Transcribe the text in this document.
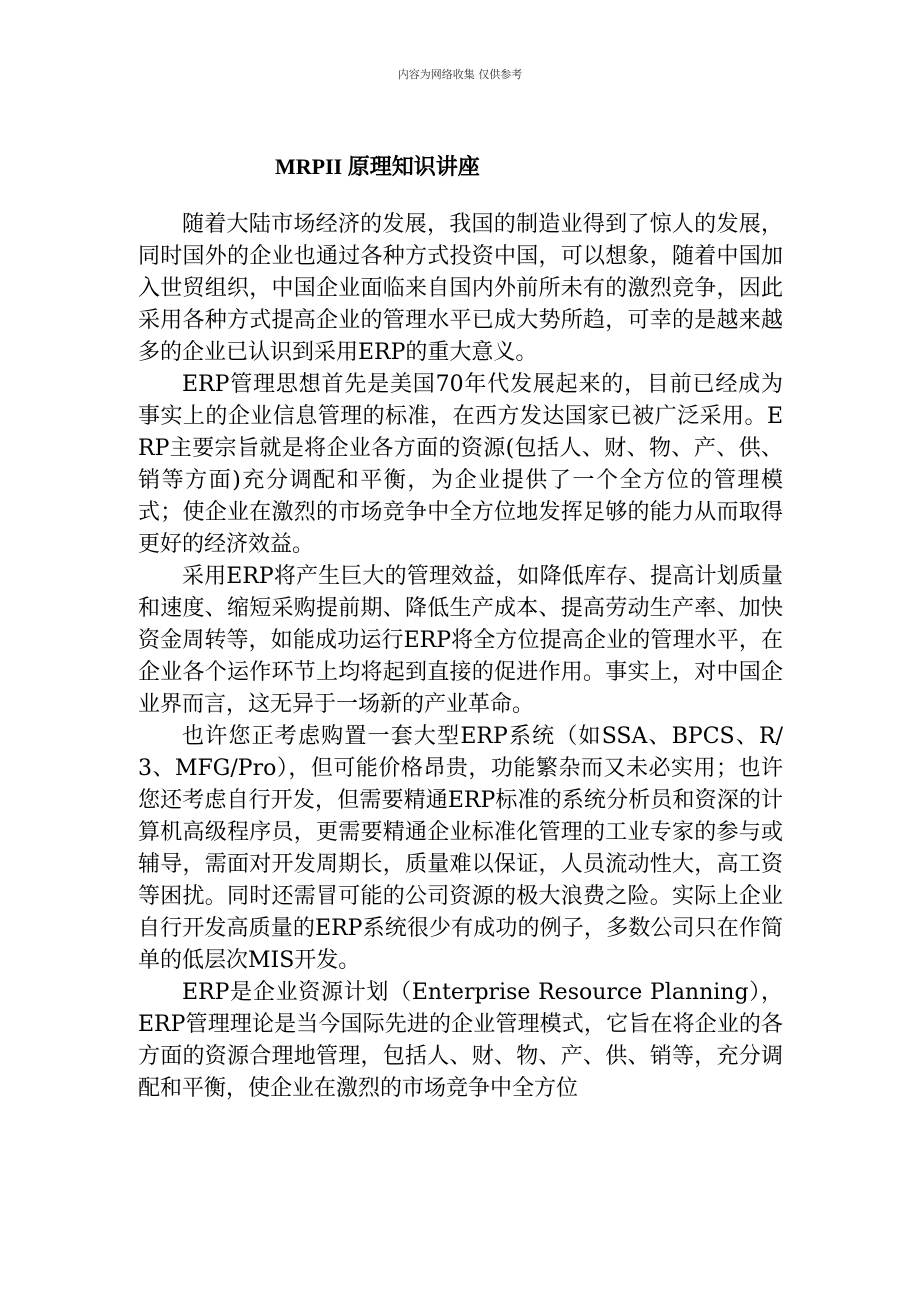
内容为网络收集 仅供参考
MRPII 原理知识讲座

随着大陆市场经济的发展，我国的制造业得到了惊人的发展，同时国外的企业也通过各种方式投资中国，可以想象，随着中国加入世贸组织，中国企业面临来自国内外前所未有的激烈竞争，因此采用各种方式提高企业的管理水平已成大势所趋，可幸的是越来越多的企业已认识到采用ERP的重大意义。

ERP管理思想首先是美国70年代发展起来的，目前已经成为事实上的企业信息管理的标准，在西方发达国家已被广泛采用。ERP主要宗旨就是将企业各方面的资源(包括人、财、物、产、供、销等方面)充分调配和平衡，为企业提供了一个全方位的管理模式；使企业在激烈的市场竞争中全方位地发挥足够的能力从而取得更好的经济效益。

采用ERP将产生巨大的管理效益，如降低库存、提高计划质量和速度、缩短采购提前期、降低生产成本、提高劳动生产率、加快资金周转等，如能成功运行ERP将全方位提高企业的管理水平，在企业各个运作环节上均将起到直接的促进作用。事实上，对中国企业界而言，这无异于一场新的产业革命。

也许您正考虑购置一套大型ERP系统（如SSA、BPCS、R/3、MFG/Pro），但可能价格昂贵，功能繁杂而又未必实用；也许您还考虑自行开发，但需要精通ERP标准的系统分析员和资深的计算机高级程序员，更需要精通企业标准化管理的工业专家的参与或辅导，需面对开发周期长，质量难以保证，人员流动性大，高工资等困扰。同时还需冒可能的公司资源的极大浪费之险。实际上企业自行开发高质量的ERP系统很少有成功的例子，多数公司只在作简单的低层次MIS开发。

ERP是企业资源计划（Enterprise Resource Planning），ERP管理理论是当今国际先进的企业管理模式，它旨在将企业的各方面的资源合理地管理，包括人、财、物、产、供、销等，充分调配和平衡，使企业在激烈的市场竞争中全方位
